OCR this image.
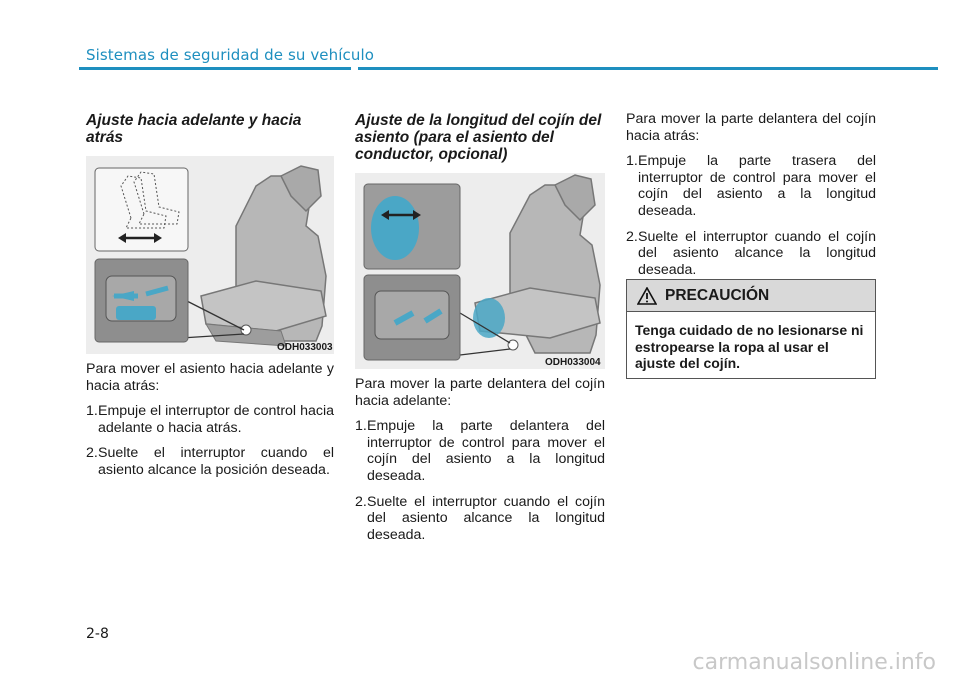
Sistemas de seguridad de su vehículo
Ajuste hacia adelante y hacia atrás
ODH033003

Para mover el asiento hacia adelante y hacia atrás:

1. Empuje el interruptor de control hacia adelante o hacia atrás.
2. Suelte el interruptor cuando el asiento alcance la posición deseada.
Ajuste de la longitud del cojín del asiento (para el asiento del conductor, opcional)
ODH033004

Para mover la parte delantera del cojín hacia adelante:

1. Empuje la parte delantera del interruptor de control para mover el cojín del asiento a la longitud deseada.
2. Suelte el interruptor cuando el cojín del asiento alcance la longitud deseada.

Para mover la parte delantera del cojín hacia atrás:

1. Empuje la parte trasera del interruptor de control para mover el cojín del asiento a la longitud deseada.
2. Suelte el interruptor cuando el cojín del asiento alcance la longitud deseada.
PRECAUCIÓN
Tenga cuidado de no lesionarse ni estropearse la ropa al usar el ajuste del cojín.
2-8
carmanualsonline.info
